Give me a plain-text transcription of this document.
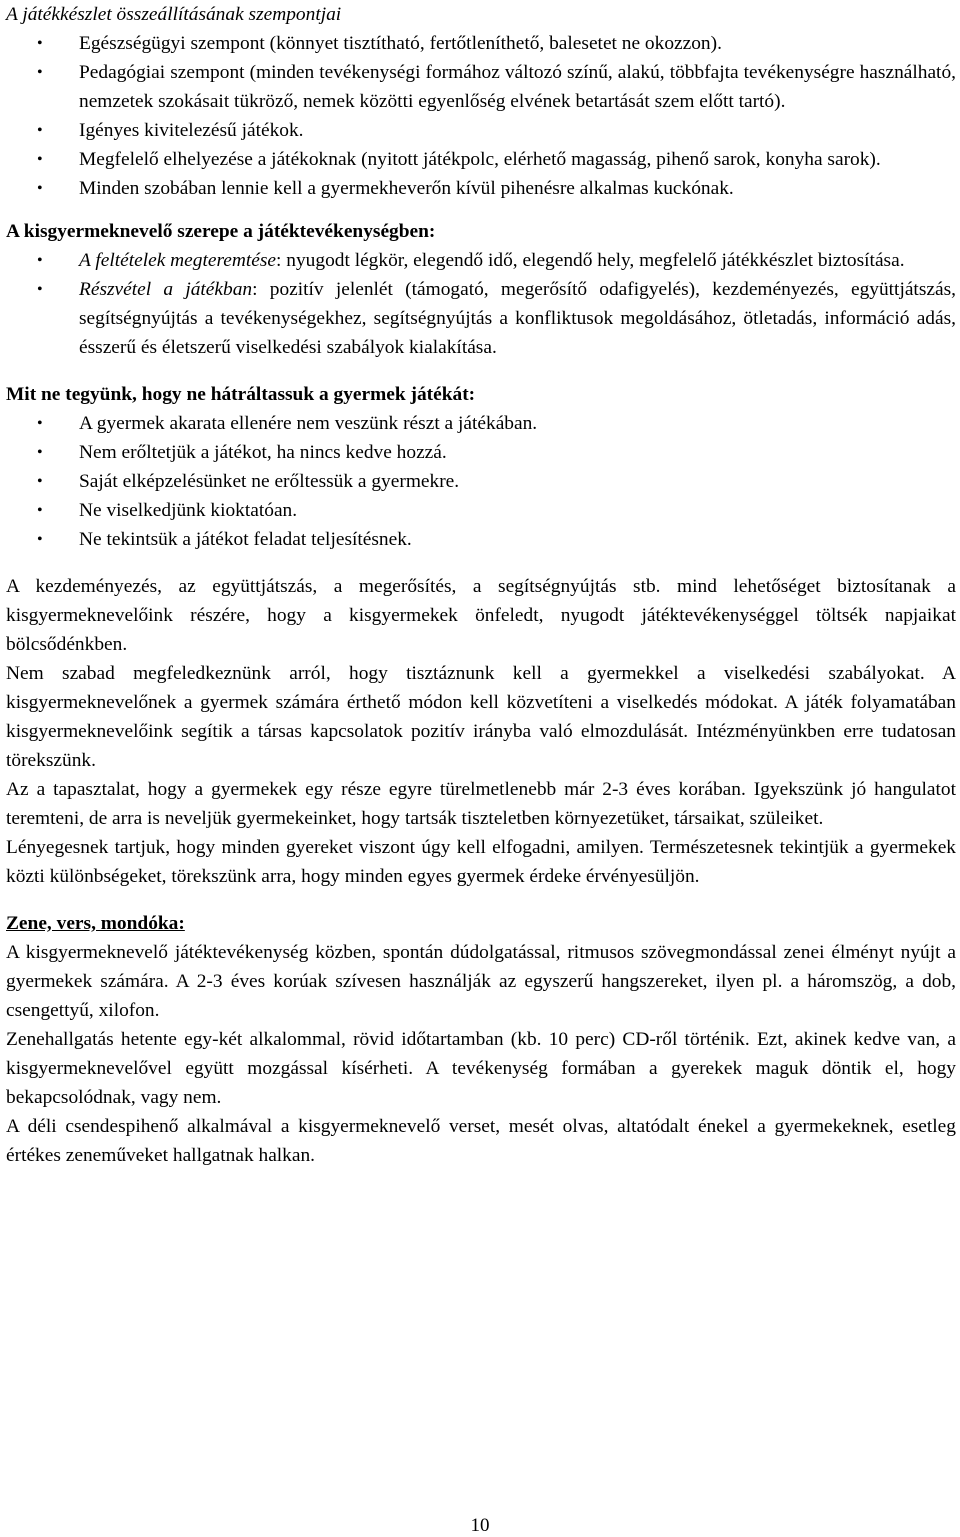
A játékkészlet összeállításának szempontjai
• Egészségügyi szempont (könnyet tisztítható, fertőtleníthető, balesetet ne okozzon).
• Pedagógiai szempont (minden tevékenységi formához változó színű, alakú, többfajta tevékenységre használható, nemzetek szokásait tükröző, nemek közötti egyenlőség elvének betartását szem előtt tartó).
• Igényes kivitelezésű játékok.
• Megfelelő elhelyezése a játékoknak (nyitott játékpolc, elérhető magasság, pihenő sarok, konyha sarok).
• Minden szobában lennie kell a gyermekheverőn kívül pihenésre alkalmas kuckónak.
A kisgyermeknevelő szerepe a játéktevékenységben:
• A feltételek megteremtése: nyugodt légkör, elegendő idő, elegendő hely, megfelelő játékkészlet biztosítása.
• Részvétel a játékban: pozitív jelenlét (támogató, megerősítő odafigyelés), kezdeményezés, együttjátszás, segítségnyújtás a tevékenységekhez, segítségnyújtás a konfliktusok megoldásához, ötletadás, információ adás, ésszerű és életszerű viselkedési szabályok kialakítása.
Mit ne tegyünk, hogy ne hátráltassuk a gyermek játékát:
• A gyermek akarata ellenére nem veszünk részt a játékában.
• Nem erőltetjük a játékot, ha nincs kedve hozzá.
• Saját elképzelésünket ne erőltessük a gyermekre.
• Ne viselkedjünk kioktatóan.
• Ne tekintsük a játékot feladat teljesítésnek.

A kezdeményezés, az együttjátszás, a megerősítés, a segítségnyújtás stb. mind lehetőséget biztosítanak a kisgyermeknevelőink részére, hogy a kisgyermekek önfeledt, nyugodt játéktevékenységgel töltsék napjaikat bölcsődénkben.

Nem szabad megfeledkeznünk arról, hogy tisztáznunk kell a gyermekkel a viselkedési szabályokat. A kisgyermeknevelőnek a gyermek számára érthető módon kell közvetíteni a viselkedés módokat. A játék folyamatában kisgyermeknevelőink segítik a társas kapcsolatok pozitív irányba való elmozdulását. Intézményünkben erre tudatosan törekszünk.

Az a tapasztalat, hogy a gyermekek egy része egyre türelmetlenebb már 2-3 éves korában. Igyekszünk jó hangulatot teremteni, de arra is neveljük gyermekeinket, hogy tartsák tiszteletben környezetüket, társaikat, szüleiket.

Lényegesnek tartjuk, hogy minden gyereket viszont úgy kell elfogadni, amilyen. Természetesnek tekintjük a gyermekek közti különbségeket, törekszünk arra, hogy minden egyes gyermek érdeke érvényesüljön.

Zene, vers, mondóka:

A kisgyermeknevelő játéktevékenység közben, spontán dúdolgatással, ritmusos szövegmondással zenei élményt nyújt a gyermekek számára. A 2-3 éves korúak szívesen használják az egyszerű hangszereket, ilyen pl. a háromszög, a dob, csengettyű, xilofon.

Zenehallgatás hetente egy-két alkalommal, rövid időtartamban (kb. 10 perc) CD-ről történik. Ezt, akinek kedve van, a kisgyermeknevelővel együtt mozgással kísérheti. A tevékenység formában a gyerekek maguk döntik el, hogy bekapcsolódnak, vagy nem.

A déli csendespihenő alkalmával a kisgyermeknevelő verset, mesét olvas, altatódalt énekel a gyermekeknek, esetleg értékes zeneműveket hallgatnak halkan.

10
